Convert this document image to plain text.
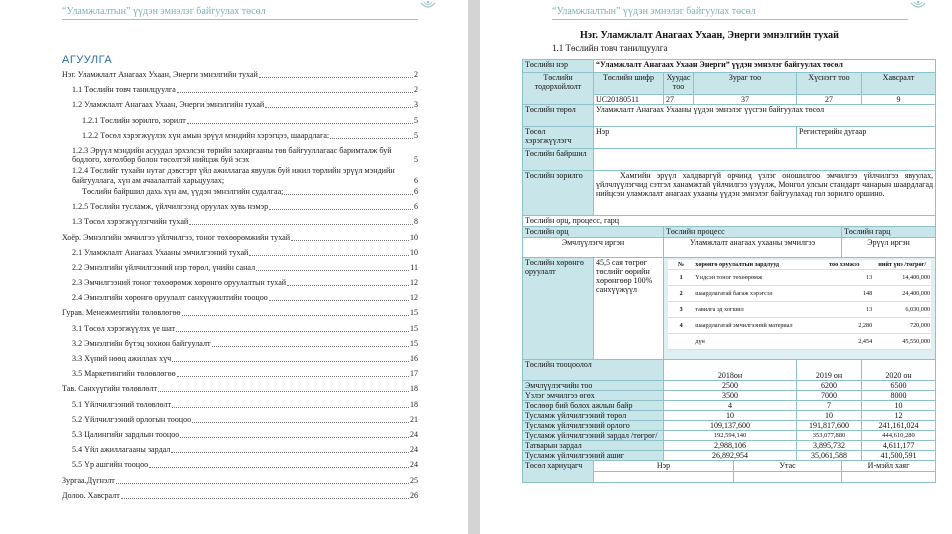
“Уламжлалтын” үүдэн эмнэлэг байгуулах төсөл
АГУУЛГА
Нэг. Уламжлалт Анагаах Ухаан, Энерги эмнэлгийн тухай	2
1.1 Төслийн товч танилцуулга	2
1.2 Уламжлалт Анагаах Ухаан, Энерги эмнэлгийн тухай	3
1.2.1 Төслийн зорилго, зорилт	5
1.2.2 Төсөл хэрэгжүүлэх хүн амын эрүүл мэндийн хэрэгцээ, шаардлага:	5
1.2.3 Эрүүл мэндийн асуудал эрхэлсэн төрийн захиргааны төв байгууллагаас баримталж буй бодлого, хөтөлбөр болон төсөлтэй нийцэж буй эсэх	5
1.2.4 Төслийг тухайн нутаг дэвсгэрт үйл ажиллагаа явуулж буй ижил төрлийн эрүүл мэндийн байгууллага, хүн ам ачаалалтай харьцуулах;	6
Төслийн байршил дахь хүн ам, үүдэн эмнэлгийн судалгаа;	6
1.2.5 Төслийн тусламж, үйлчилгээнд оруулах хувь нэмэр	6
1.3 Төсөл хэрэгжүүлэгчийн тухай	8
Хоёр. Эмнэлгийн эмчилгээ үйлчилгээ, тоног төхөөрөмжийн тухай	10
2.1 Уламжлалт Анагаах Ухааны эмчилгээний тухай	10
2.2 Эмнэлгийн үйлчилгээний нэр төрөл, үнийн санал	11
2.3 Эмчилгээний тоног төхөөрөмж хөрөнгө оруулалтын тухай	12
2.4 Эмнэлгийн хөрөнгө оруулалт санхүүжилтийн тооцоо	12
Гурав. Менежментийн төлөвлөгөө	15
3.1 Төсөл хэрэгжүүлэх үе шат	15
3.2 Эмнэлгийн бүтэц зохион байгуулалт	15
3.3 Хүний нөөц ажиллах хүч	16
3.5 Маркетингийн төлөвлөгөө	17
Тав. Санхүүгийн төлөвлөлт	18
5.1 Үйлчилгээний төлөвлөлт	18
5.2 Үйлчилгээний орлогын тооцоо	21
5.3 Цалингийн зардлын тооцоо	24
5.4 Үйл ажиллагааны зардал	24
5.5 Үр ашгийн тооцоо	24
Зургаа.Дүгнэлт	25
Долоо. Хавсралт	26
“Уламжлалтын” үүдэн эмнэлэг байгуулах төсөл
Нэг. Уламжлалт Анагаах Ухаан, Энерги эмнэлгийн тухай
1.1 Төслийн товч танилцуулга
Төслийн нэр	“Уламжлалт Анагаах Ухаан Энерги” үүдэн эмнэлэг байгуулах төсөл
Төслийн тодорхойлолт	Төслийн шифр	Хуудас тоо	Зураг тоо	Хүснэгт тоо	Хавсралт
UC20180511	27	37	27	9
Төслийн төрөл	Уламжлалт Анагаах Ухааны үүдэн эмнэлэг үүсгэн байгуулах төсөл
Төсөл хэрэгжүүлэгч	Нэр	Регистерийн дугаар
Төслийн байршил	
Төслийн зорилго	Хамгийн эрүүл халдваргүй орчинд үзлэг оношилгоо эмчилгээ үйлчилгээ явуулах, үйлчлүүлэгчид сэтгэл ханамжтай үйлчилгээ үзүүлж, Монгол улсын стандарт чанарын шаардлагад нийцсэн уламжлалт анагаах ухааны үүдэн эмнэлэг байгуулахад гол зорилго оршино.
Төслийн орц, процесс, гарц
Төслийн орц	Төслийн процесс	Төслийн гарц
Эмчлүүлэгч иргэн	Уламжлалт анагаах ухааны эмчилгээ	Эрүүл иргэн
Төслийн хөрөнгө оруулалт	45,5 сая төгрөг төслийг өөрийн хөрөнгөөр 100% санхүүжүүл	
№	хөрөнгө оруулалтын зардлууд	тоо хэмжээ	нийт үнэ /төгрөг/
1	Үндсэн тоног төхөөрөмж	13	14,400,000
2	шаардлагатай багаж хэрэгсэл	148	24,400,000
3	тавилга эд хогшил	13	6,030,000
4	шаардлагатай эмчилгээний материал	2,280	720,000
	дүн	2,454	45,550,000

Төслийн тооцоолол	2018он	2019 он	2020 он
Эмчлүүлэгчийн тоо	2500	6200	6500
Үзлэг эмчилгээ өгөх	3500	7000	8000
Төслөөр бий болох ажлын байр	4	7	10
Тусламж үйлчилгээний төрөл	10	10	12
Тусламж үйлчилгээний орлого	109,137,600	191,817,600	241,161,024
Тусламж үйлчилгээний зардал /төгрөг/	192,594,140	353,077,880	444,610,280
Татварын зардал	2,988,106	3,895,732	4,611,177
Тусламж үйлчилгээний ашиг	26,892,954	35,061,588	41,500,591
Төсөл хариуцагч	Нэр	Утас	И-мэйл хаяг
